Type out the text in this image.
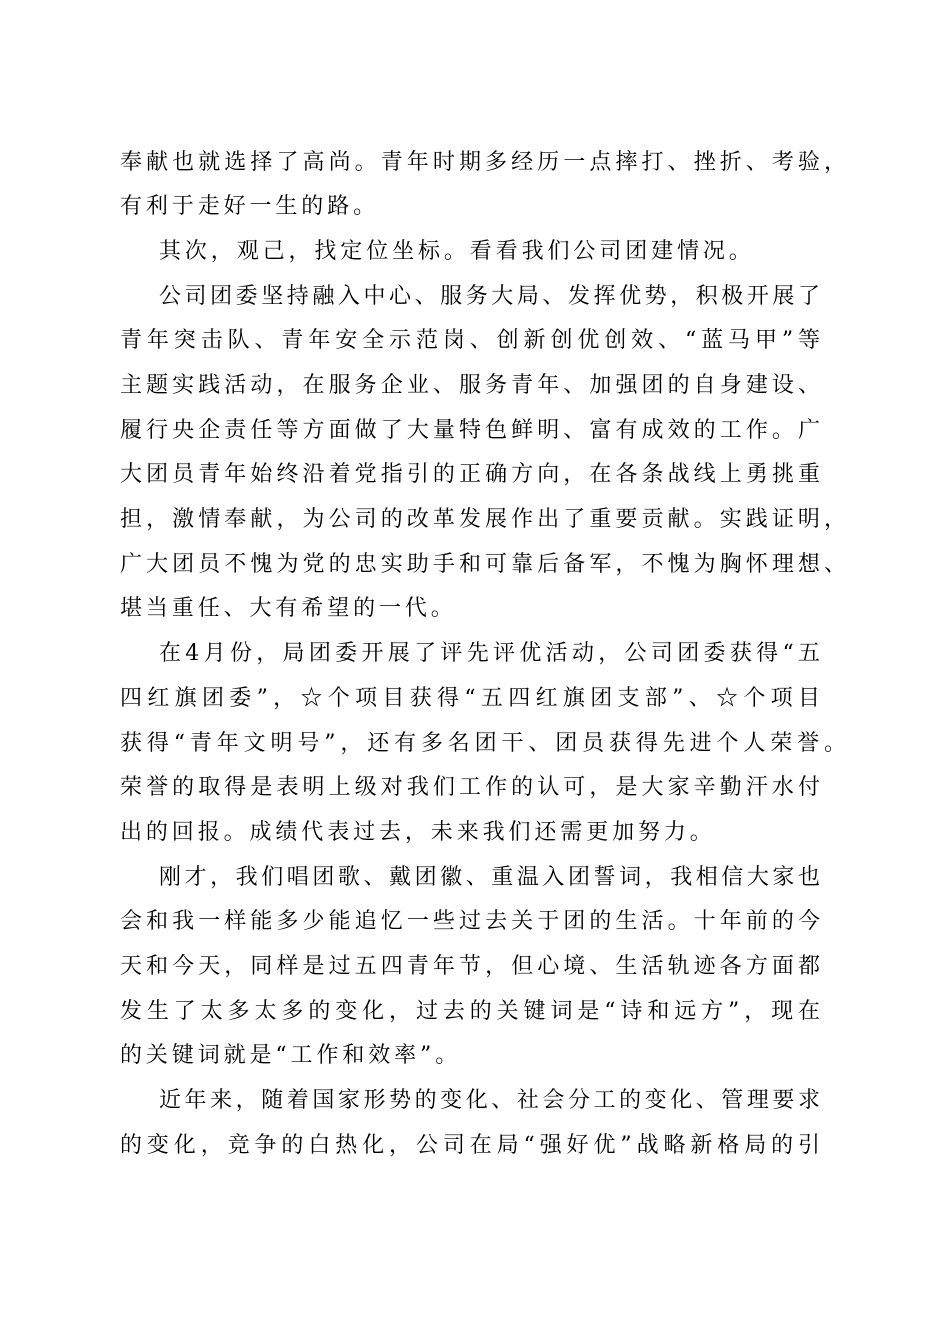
奉献也就选择了高尚。青年时期多经历一点摔打、挫折、考验，
有利于走好一生的路。
其次，观己，找定位坐标。看看我们公司团建情况。
公司团委坚持融入中心、服务大局、发挥优势，积极开展了
青年突击队、青年安全示范岗、创新创优创效、“蓝马甲”等
主题实践活动，在服务企业、服务青年、加强团的自身建设、
履行央企责任等方面做了大量特色鲜明、富有成效的工作。广
大团员青年始终沿着党指引的正确方向，在各条战线上勇挑重
担，激情奉献，为公司的改革发展作出了重要贡献。实践证明，
广大团员不愧为党的忠实助手和可靠后备军，不愧为胸怀理想、
堪当重任、大有希望的一代。
在4月份，局团委开展了评先评优活动，公司团委获得“五
四红旗团委”，☆个项目获得“五四红旗团支部”、☆个项目
获得“青年文明号”，还有多名团干、团员获得先进个人荣誉。
荣誉的取得是表明上级对我们工作的认可，是大家辛勤汗水付
出的回报。成绩代表过去，未来我们还需更加努力。
刚才，我们唱团歌、戴团徽、重温入团誓词，我相信大家也
会和我一样能多少能追忆一些过去关于团的生活。十年前的今
天和今天，同样是过五四青年节，但心境、生活轨迹各方面都
发生了太多太多的变化，过去的关键词是“诗和远方”，现在
的关键词就是“工作和效率”。
近年来，随着国家形势的变化、社会分工的变化、管理要求
的变化，竞争的白热化，公司在局“强好优”战略新格局的引
